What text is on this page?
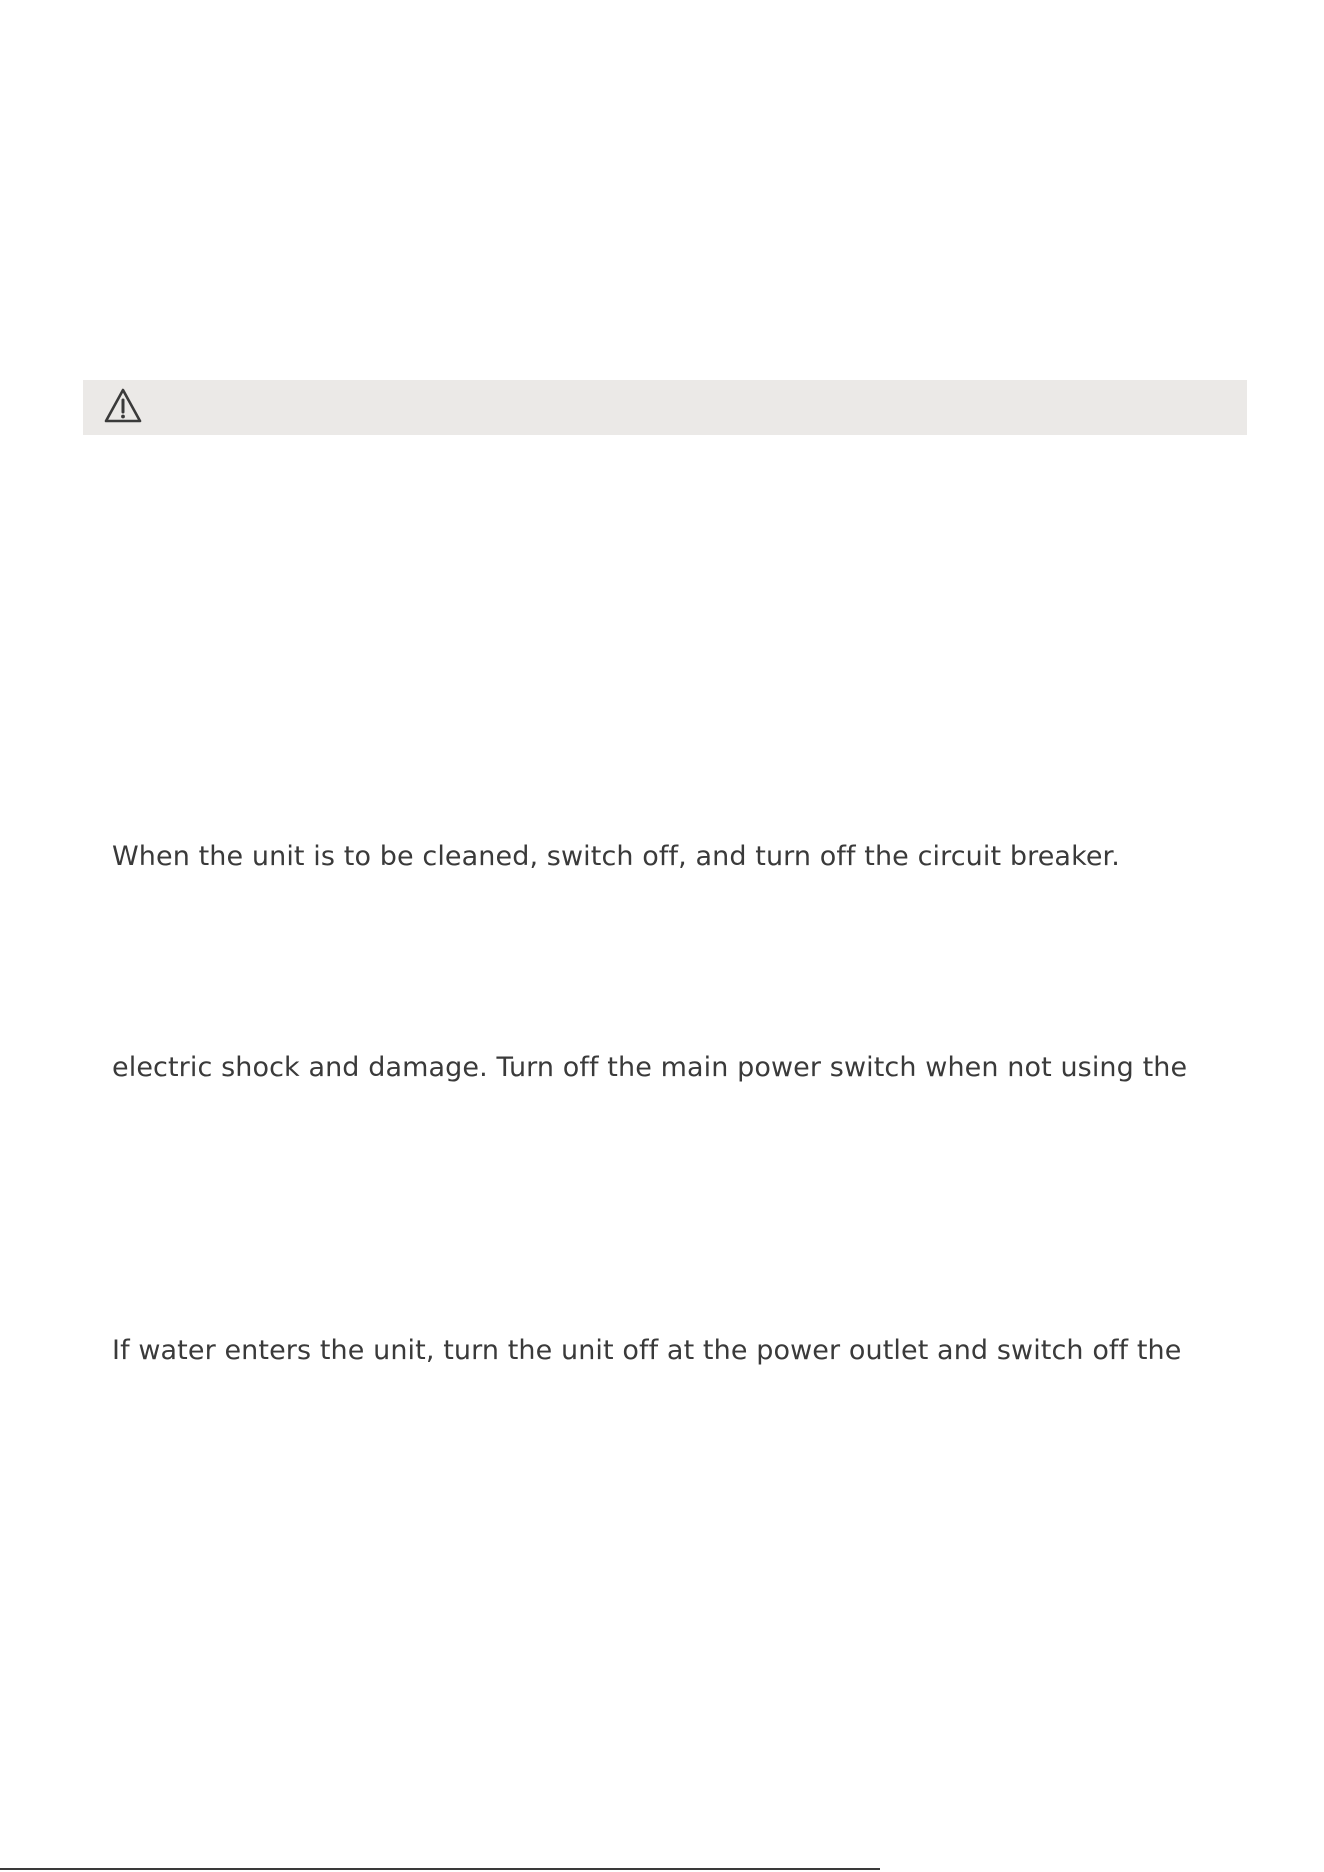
When the unit is to be cleaned, switch off, and turn off the circuit breaker.
electric shock and damage. Turn off the main power switch when not using the
If water enters the unit, turn the unit off at the power outlet and switch off the
